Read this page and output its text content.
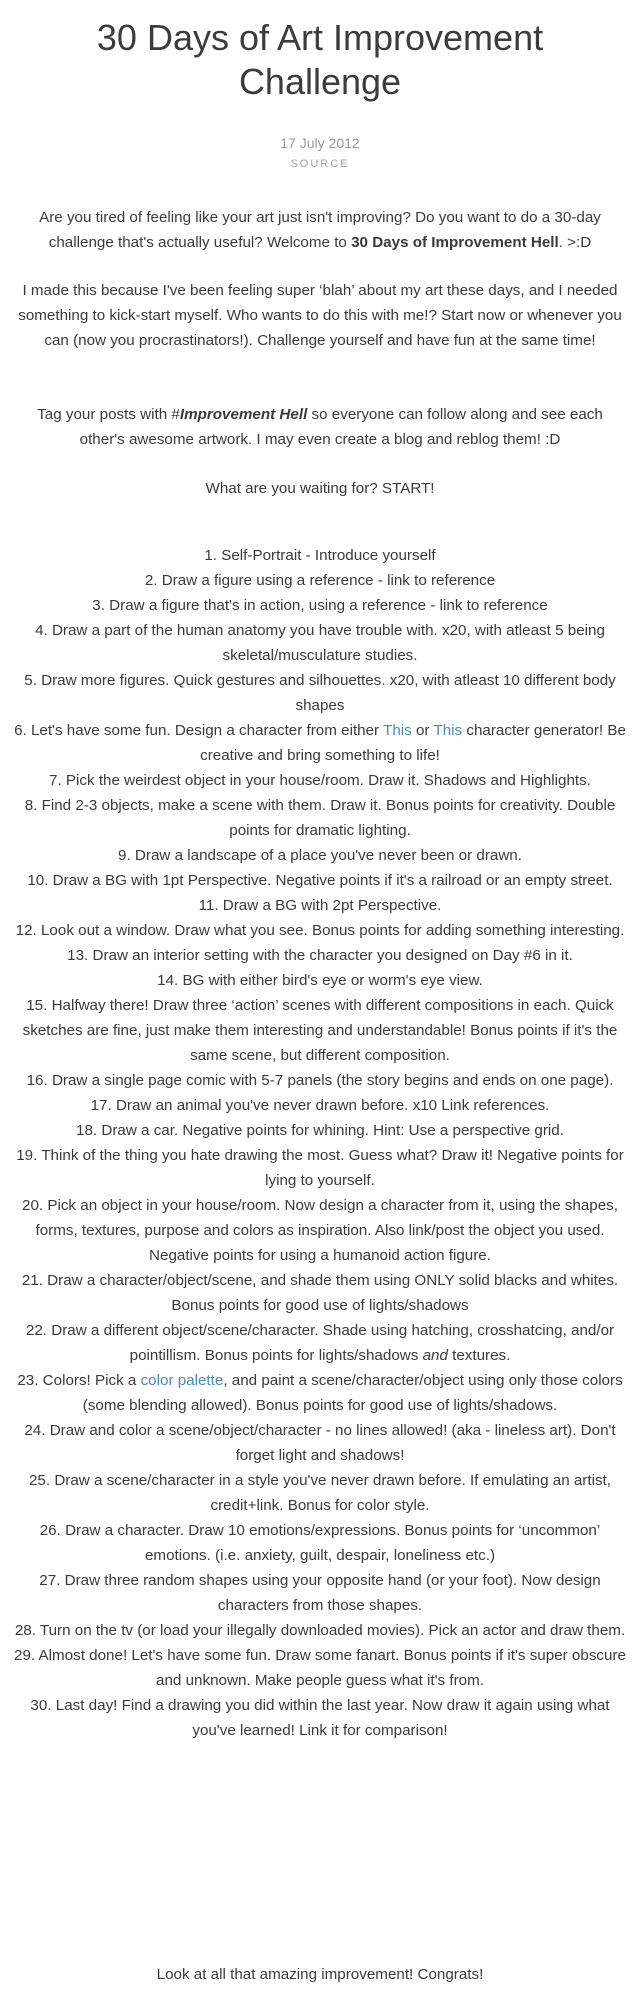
30 Days of Art Improvement Challenge
17 July 2012
SOURCE

Are you tired of feeling like your art just isn't improving? Do you want to do a 30-day challenge that's actually useful? Welcome to 30 Days of Improvement Hell. >:D

I made this because I've been feeling super ‘blah’ about my art these days, and I needed something to kick-start myself. Who wants to do this with me!? Start now or whenever you can (now you procrastinators!). Challenge yourself and have fun at the same time!

Tag your posts with #Improvement Hell so everyone can follow along and see each other's awesome artwork. I may even create a blog and reblog them! :D

What are you waiting for? START!

1. Self-Portrait - Introduce yourself
2. Draw a figure using a reference - link to reference
3. Draw a figure that's in action, using a reference - link to reference
4. Draw a part of the human anatomy you have trouble with. x20, with atleast 5 being skeletal/musculature studies.
5. Draw more figures. Quick gestures and silhouettes. x20, with atleast 10 different body shapes
6. Let's have some fun. Design a character from either This or This character generator! Be creative and bring something to life!
7. Pick the weirdest object in your house/room. Draw it. Shadows and Highlights.
8. Find 2-3 objects, make a scene with them. Draw it. Bonus points for creativity. Double points for dramatic lighting.
9. Draw a landscape of a place you've never been or drawn.
10. Draw a BG with 1pt Perspective. Negative points if it's a railroad or an empty street.
11. Draw a BG with 2pt Perspective.
12. Look out a window. Draw what you see. Bonus points for adding something interesting.
13. Draw an interior setting with the character you designed on Day #6 in it.
14. BG with either bird's eye or worm's eye view.
15. Halfway there! Draw three ‘action’ scenes with different compositions in each. Quick sketches are fine, just make them interesting and understandable! Bonus points if it's the same scene, but different composition.
16. Draw a single page comic with 5-7 panels (the story begins and ends on one page).
17. Draw an animal you've never drawn before. x10 Link references.
18. Draw a car. Negative points for whining. Hint: Use a perspective grid.
19. Think of the thing you hate drawing the most. Guess what? Draw it! Negative points for lying to yourself.
20. Pick an object in your house/room. Now design a character from it, using the shapes, forms, textures, purpose and colors as inspiration. Also link/post the object you used. Negative points for using a humanoid action figure.
21. Draw a character/object/scene, and shade them using ONLY solid blacks and whites. Bonus points for good use of lights/shadows
22. Draw a different object/scene/character. Shade using hatching, crosshatcing, and/or pointillism. Bonus points for lights/shadows and textures.
23. Colors! Pick a color palette, and paint a scene/character/object using only those colors (some blending allowed). Bonus points for good use of lights/shadows.
24. Draw and color a scene/object/character - no lines allowed! (aka - lineless art). Don't forget light and shadows!
25. Draw a scene/character in a style you've never drawn before. If emulating an artist, credit+link. Bonus for color style.
26. Draw a character. Draw 10 emotions/expressions. Bonus points for ‘uncommon’ emotions. (i.e. anxiety, guilt, despair, loneliness etc.)
27. Draw three random shapes using your opposite hand (or your foot). Now design characters from those shapes.
28. Turn on the tv (or load your illegally downloaded movies). Pick an actor and draw them.
29. Almost done! Let's have some fun. Draw some fanart. Bonus points if it's super obscure and unknown. Make people guess what it's from.
30. Last day! Find a drawing you did within the last year. Now draw it again using what you've learned! Link it for comparison!

Look at all that amazing improvement! Congrats!
